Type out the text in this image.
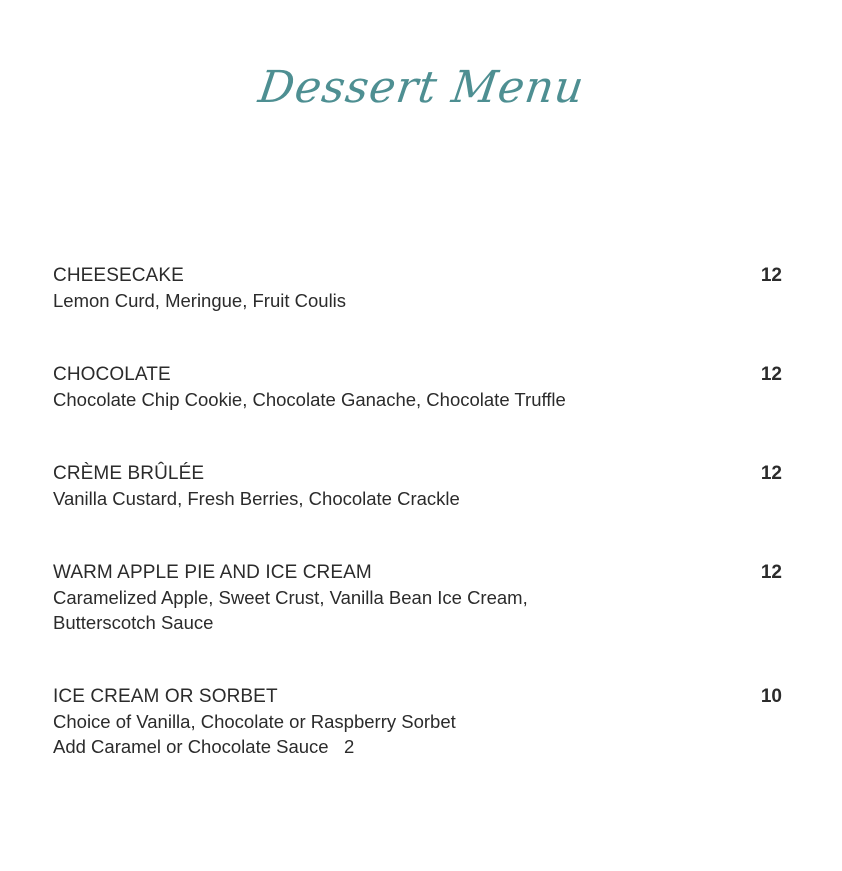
Dessert Menu
CHEESECAKE	12
Lemon Curd, Meringue, Fruit Coulis
CHOCOLATE	12
Chocolate Chip Cookie, Chocolate Ganache, Chocolate Truffle
CRÈME BRÛLÉE	12
Vanilla Custard, Fresh Berries, Chocolate Crackle
WARM APPLE PIE AND ICE CREAM	12
Caramelized Apple, Sweet Crust, Vanilla Bean Ice Cream,
Butterscotch Sauce
ICE CREAM OR SORBET	10
Choice of Vanilla, Chocolate or Raspberry Sorbet
Add Caramel or Chocolate Sauce   2
